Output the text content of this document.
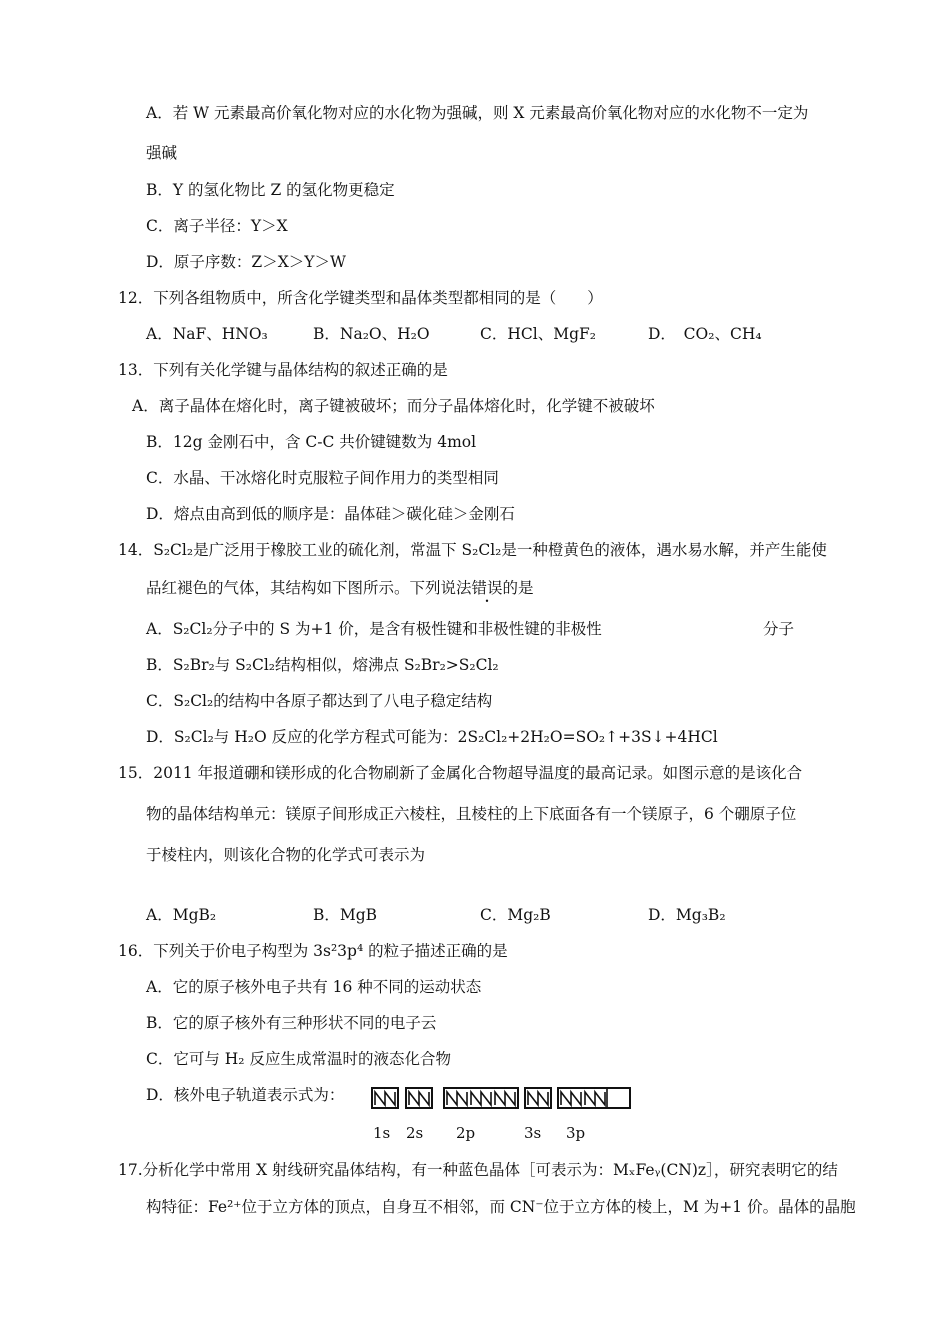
A．若 W 元素最高价氧化物对应的水化物为强碱，则 X 元素最高价氧化物对应的水化物不一定为
强碱
B．Y 的氢化物比 Z 的氢化物更稳定
C．离子半径：Y＞X
D．原子序数：Z＞X＞Y＞W
12．下列各组物质中，所含化学键类型和晶体类型都相同的是（　　）
A．NaF、HNO₃	B．Na₂O、H₂O	C．HCl、MgF₂	D．　CO₂、CH₄
13．下列有关化学键与晶体结构的叙述正确的是
A．离子晶体在熔化时，离子键被破坏；而分子晶体熔化时，化学键不被破坏
B．12g 金刚石中，含 C-C 共价键键数为 4mol
C．水晶、干冰熔化时克服粒子间作用力的类型相同
D．熔点由高到低的顺序是：晶体硅＞碳化硅＞金刚石
14．S₂Cl₂是广泛用于橡胶工业的硫化剂，常温下 S₂Cl₂是一种橙黄色的液体，遇水易水解，并产生能使
品红褪色的气体，其结构如下图所示。下列说法错误的是
A．S₂Cl₂分子中的 S 为+1 价，是含有极性键和非极性键的非极性	分子
B．S₂Br₂与 S₂Cl₂结构相似，熔沸点 S₂Br₂>S₂Cl₂
C．S₂Cl₂的结构中各原子都达到了八电子稳定结构
D．S₂Cl₂与 H₂O 反应的化学方程式可能为：2S₂Cl₂+2H₂O=SO₂↑+3S↓+4HCl
15．2011 年报道硼和镁形成的化合物刷新了金属化合物超导温度的最高记录。如图示意的是该化合
物的晶体结构单元：镁原子间形成正六棱柱，且棱柱的上下底面各有一个镁原子，6 个硼原子位
于棱柱内，则该化合物的化学式可表示为
A．MgB₂	B．MgB	C．Mg₂B	D．Mg₃B₂
16．下列关于价电子构型为 3s²3p⁴ 的粒子描述正确的是
A．它的原子核外电子共有 16 种不同的运动状态
B．它的原子核外有三种形状不同的电子云
C．它可与 H₂ 反应生成常温时的液态化合物
D．核外电子轨道表示式为：
1s 2s 2p	3s 3p
17.分析化学中常用 X 射线研究晶体结构，有一种蓝色晶体［可表示为：MₓFeᵧ(CN)z］，研究表明它的结
构特征：Fe²⁺位于立方体的顶点，自身互不相邻，而 CN⁻位于立方体的棱上，M 为+1 价。晶体的晶胞
